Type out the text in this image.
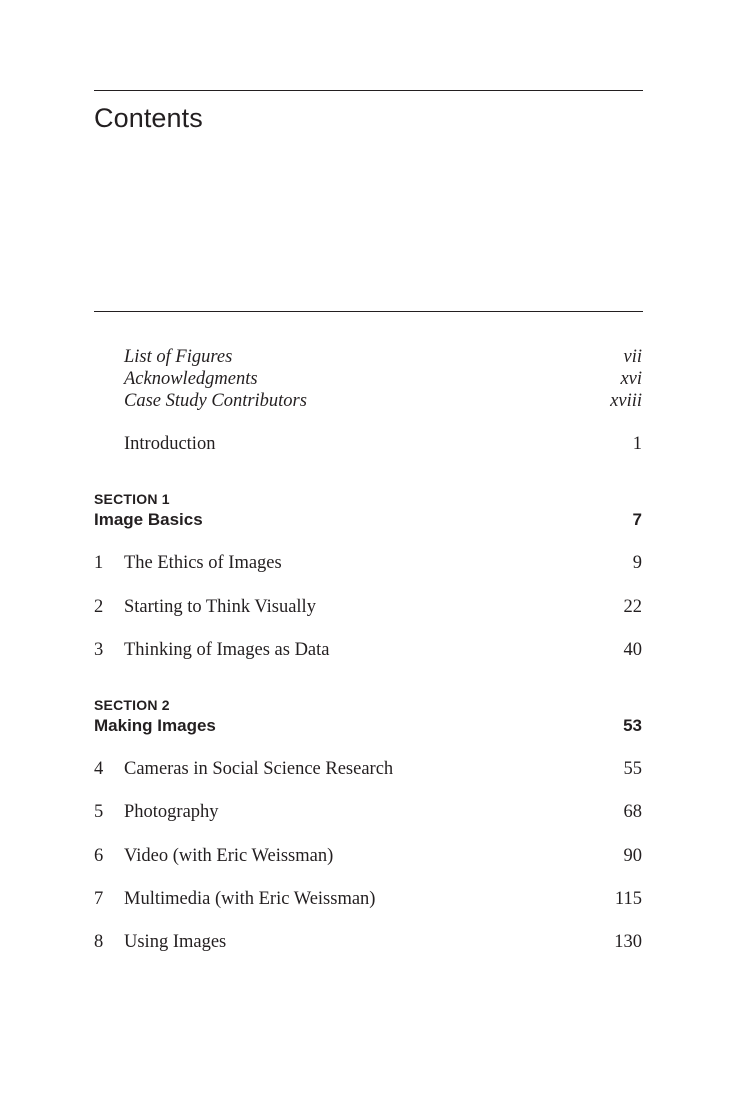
Contents
List of Figures	vii
Acknowledgments	xvi
Case Study Contributors	xviii
Introduction	1
SECTION 1
Image Basics	7
1 The Ethics of Images	9
2 Starting to Think Visually	22
3 Thinking of Images as Data	40
SECTION 2
Making Images	53
4 Cameras in Social Science Research	55
5 Photography	68
6 Video (with Eric Weissman)	90
7 Multimedia (with Eric Weissman)	115
8 Using Images	130
